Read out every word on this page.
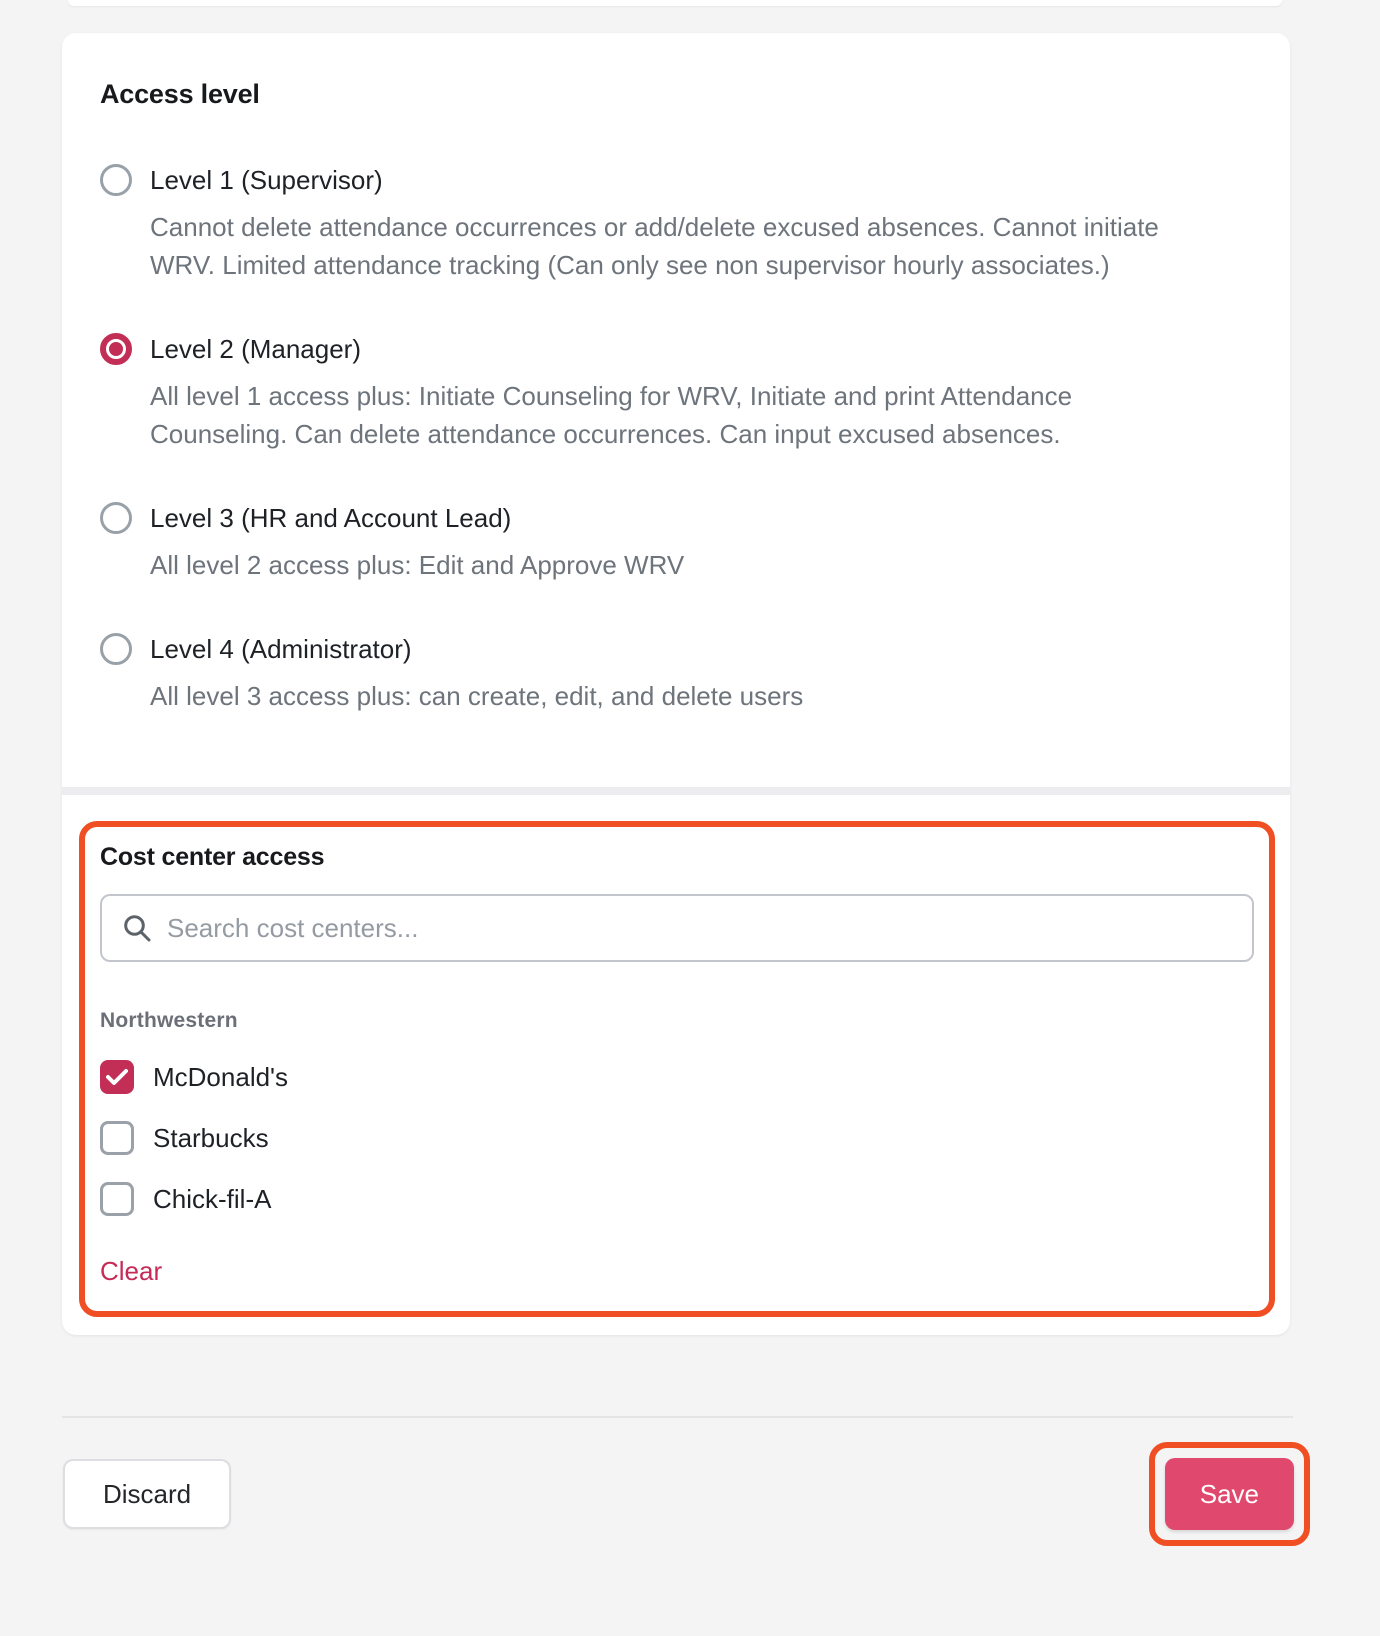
Access level
Level 1 (Supervisor)
Cannot delete attendance occurrences or add/delete excused absences. Cannot initiate WRV. Limited attendance tracking (Can only see non supervisor hourly associates.)
Level 2 (Manager)
All level 1 access plus: Initiate Counseling for WRV, Initiate and print Attendance Counseling. Can delete attendance occurrences. Can input excused absences.
Level 3 (HR and Account Lead)
All level 2 access plus: Edit and Approve WRV
Level 4 (Administrator)
All level 3 access plus: can create, edit, and delete users
Cost center access
Search cost centers...
Northwestern
McDonald's
Starbucks
Chick-fil-A
Clear
Discard	Save
